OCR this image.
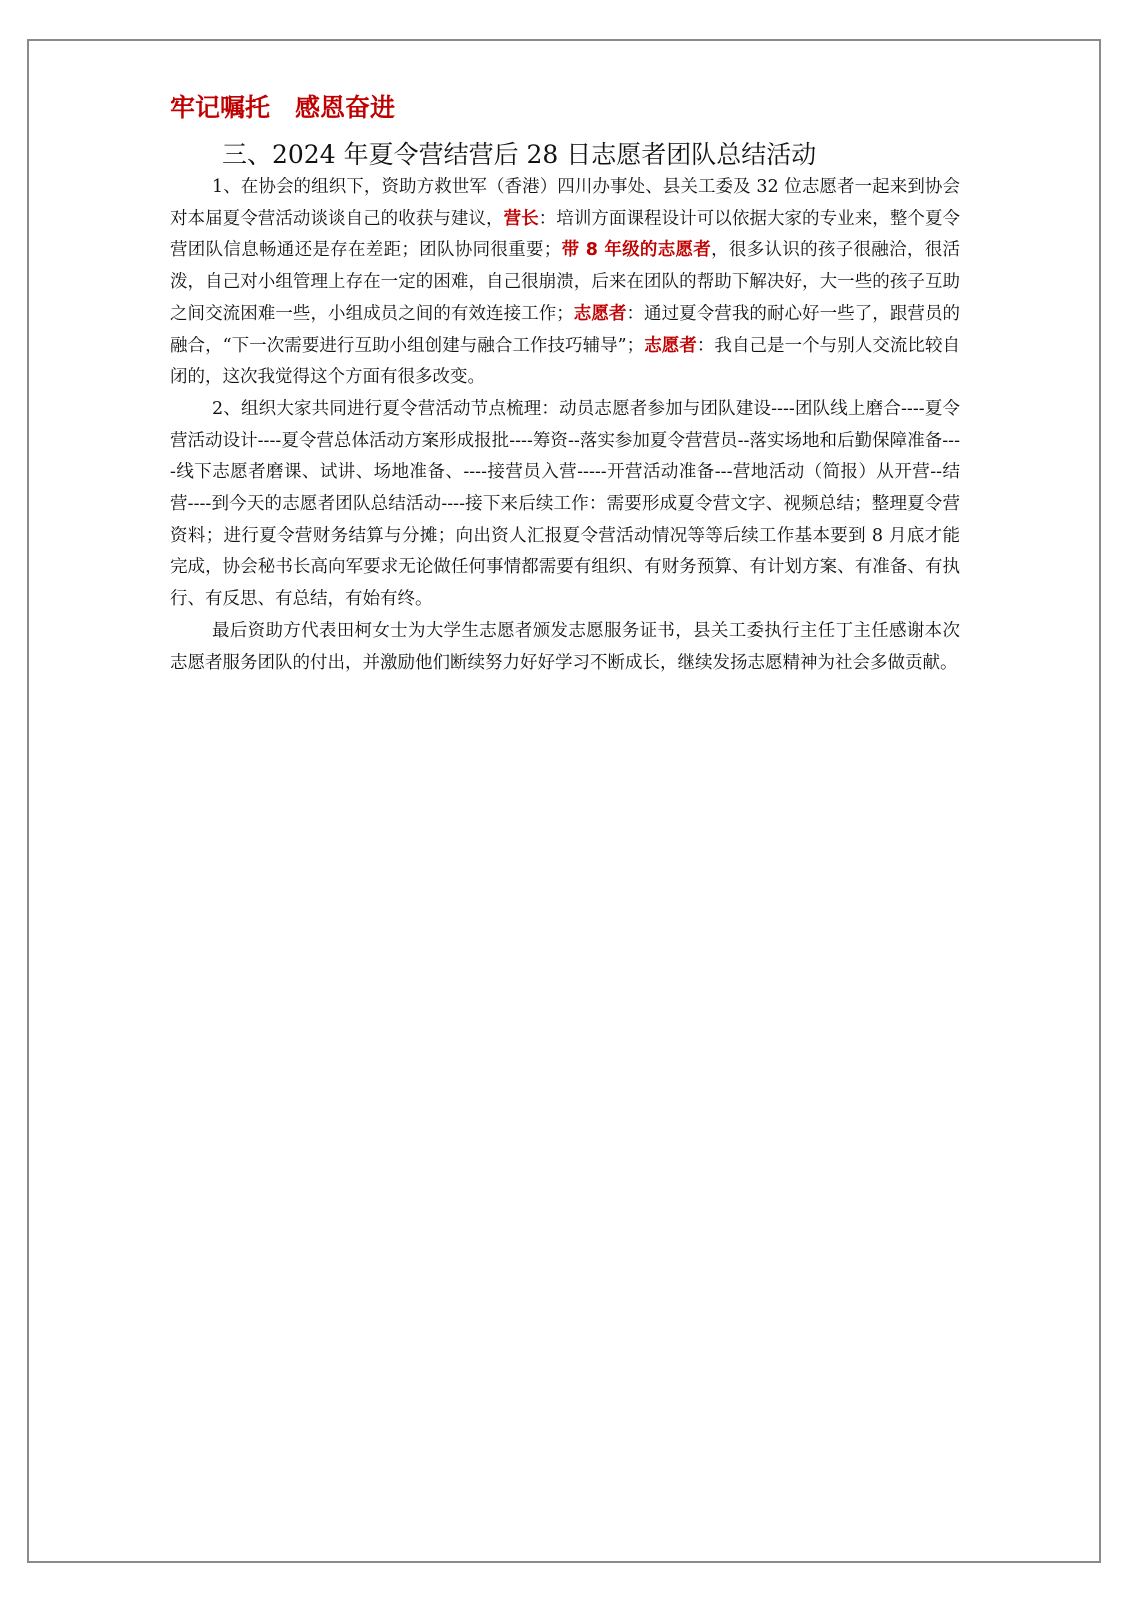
牢记嘱托　感恩奋进
三、2024 年夏令营结营后 28 日志愿者团队总结活动

1、在协会的组织下，资助方救世军（香港）四川办事处、县关工委及 32 位志愿者一起来到协会对本届夏令营活动谈谈自己的收获与建议，营长：培训方面课程设计可以依据大家的专业来，整个夏令营团队信息畅通还是存在差距；团队协同很重要；带 8 年级的志愿者，很多认识的孩子很融洽，很活泼，自己对小组管理上存在一定的困难，自己很崩溃，后来在团队的帮助下解决好，大一些的孩子互助之间交流困难一些，小组成员之间的有效连接工作；志愿者：通过夏令营我的耐心好一些了，跟营员的融合，“下一次需要进行互助小组创建与融合工作技巧辅导”；志愿者：我自己是一个与别人交流比较自闭的，这次我觉得这个方面有很多改变。

2、组织大家共同进行夏令营活动节点梳理：动员志愿者参加与团队建设----团队线上磨合----夏令营活动设计----夏令营总体活动方案形成报批----筹资--落实参加夏令营营员--落实场地和后勤保障准备----线下志愿者磨课、试讲、场地准备、----接营员入营-----开营活动准备---营地活动（简报）从开营--结营----到今天的志愿者团队总结活动----接下来后续工作：需要形成夏令营文字、视频总结；整理夏令营资料；进行夏令营财务结算与分摊；向出资人汇报夏令营活动情况等等后续工作基本要到 8 月底才能完成，协会秘书长高向军要求无论做任何事情都需要有组织、有财务预算、有计划方案、有准备、有执行、有反思、有总结，有始有终。

最后资助方代表田柯女士为大学生志愿者颁发志愿服务证书，县关工委执行主任丁主任感谢本次志愿者服务团队的付出，并激励他们断续努力好好学习不断成长，继续发扬志愿精神为社会多做贡献。
